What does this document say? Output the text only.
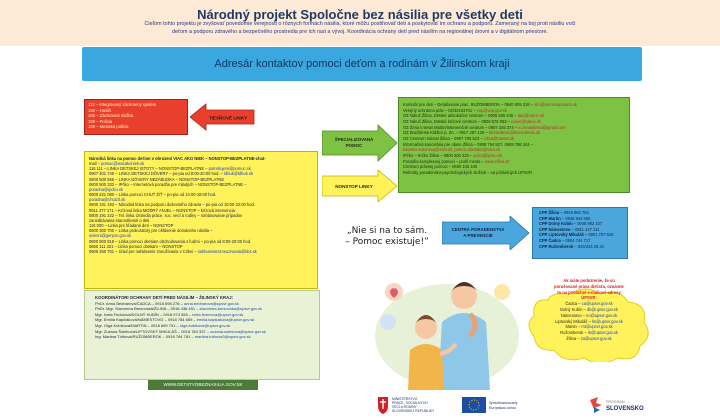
Národný projekt Spoločne bez násilia pre všetky deti
Cieľom tohto projektu je zvyšovať povedomie verejnosti o rôznych formách násilia, ktoré môžu postihovať deti a poskytovať im ochranu a podporu. Zameraný na boj proti násiliu voči
deťom a podporu zdravého a bezpečného prostredia pre ich rast a vývoj. Koordinácia ochrany detí pred násilím na regionálnej úrovni a v digitálnom priestore.
Adresár kontaktov pomoci deťom a rodinám v Žilinskom kraji
112 – Integrovaný záchranný systém
150 – Hasiči
155 – Záchranná služba
158 – Polícia
159 – Mestská polícia
TIESŇOVÉ LINKY
ŠPECIALIZOVANÁ POMOC
Komisár pre deti – Detašované prac. RUŽOMBEROK – 0940 609 318 – info@komisarpredeti.sk
Verejný ochranca práv – 02/32163701 – vop@vop.gov.sk
OZ Náruč Žilina, Detské advokačné centrum – 0905 555 445 – dac@naruc.sk
OZ Náruč Žilina, Detské krízové centrum – 0908 576 053 – naruc@naruc.sk
OZ Žena v tiesni Martin/Intervenčné centrum – 0907 346 374 – ic.zenavtiesni@gmail.com
OZ Brieždenie Kláštor p. Zn. – 0917 287 129 – brieszdenie@brieszdenie.sk
OZ Centrum Návrat Žilina – 0907 706 523 – zilina@navrat.sk
Informačná kancelária pre obete Žilina – 0908 794 827, 0908 798 244 –
katarina.kotorova@minv.sk; pomoc.obetiam@minv.sk
IPčko – Krčko Žilina – 0800 500 333 – ipcko@ipcko.sk
Poradňa komplexnej pomoci – profil mesta – www.zilina.sk
Centrum právnej pomoci – 0650 105 100
Referáty poradensko-psychologických služieb – na príslušných ÚPSVR
NONSTOP LINKY
Národná linka na pomoc deťom v ohrození VIAC AKO NIEK – NONSTOP-BEZPLATNE-chat-
mail – pomoc@viacakoniek.sk
116 111 – LINKA DETSKEJ ISTOTY – NONSTOP-BEZPLATNE – potrebujem@pomoc.sk
0907 401 749 – LINKA DETSKEJ DÔVERY – po-pia od 8:00-20:00 hod. – ldbuk@ldbuk.sk
0800 500 555 – LINKA DÔVERY NEZÁBUDKA – NONSTOP-BEZPLATNE
0800 500 333 – IPčko – Internetová poradňa pre mladých – NONSTOP-BEZPLATNE –
poradna@ipcko.sk
0800 221 080 – Linka pomoci CHUŤ ŽIŤ – po-pia od 14:00-18:00 hod.
poradna@chutzit.sk
0800 191 193 – Národná linka na podporu duševného zdravia – po-pia od 10:00-22:00 hod.
0911 477 171 – Krízová linka MODRÝ ANJEL – NONSTOP – krízová intervencia
0800 191 222 – Tel. linka Ústredia práce, soc. vecí a rodiny – nahlasovanie prípadov
zanedbávania starostlivosti o deti
116 000 – Linka pre hľadané deti – NONSTOP
0800 300 700 – Linka prokuratúry pre ohlásenie domáceho násilia –
sviesni@genpro.gov.sk
0800 800 818 – Linka pomoci obetiam obchodovania s ľuďmi – po-pia od 8:00-20:00 hod.
0850 111 321 – Linka pomoci obetiam – NONSTOP
0909 250 701 – Úrad pre nahlásenie zneužívania v Cirkvi – nahlasenieszneuzivania@kbs.sk
„Nie si na to sám.
– Pomoc existuje!”
CENTRÁ PORADENSTVA A PREVENCIE
CPP Žilina – 0948 982 784
CPP Martin – 0948 942 650
CPP Dolný Kubín – 0948 992 107
CPP Námestovo – 0911 127 111
CPP Liptovský Mikuláš – 0901 707 526
CPP Čadca – 0904 744 717
CPP Ružomberok – 044/434 26 34
Ak máte podozrenie, že sú
porušované práva dieťaťa, oznámte
to na príslušné e-mailové adresy
ÚPSVR:
Čadca – ca@upsvr.gov.sk
Dolný Kubín – dk@upsvr.gov.sk
Námestovo – no@upsvr.gov.sk
Liptovský Mikuláš – lm@upsvr.gov.sk
Martin – mt@upsvr.gov.sk
Ružomberok – rk@upsvr.gov.sk
Žilina – za@upsvr.gov.sk
KOORDINÁTORI OCHRANY DETÍ PRED NÁSILÍM – ŽILINSKÝ KRAJ:
PhDr. Anna Bednárová/ČADCA – 0918 698 278 – anna.bednarova@upsvr.gov.sk
PhDr. Mgr. Slavomíra Brezovská/ŽILINA – 0918 436 451 – slavomira.brezovska@upsvr.gov.sk
Mgr. Iveta Fedorová/DOLNÝ KUBÍN – 0918 973 555 – iveta.fedorova@upsvr.gov.sk
Mgr. Emília Kapičáková/NÁMESTOVO – 0918 784 669 – emilia.kapicakova@upsvr.gov.sk
Mgr. Olga Kubíková/MARTIN – 0918 699 791 – olga.kubikova@upsvr.gov.sk
Mgr. Zuzana Šoleková/LIPTOVSKÝ MIKULÁŠ – 0918 784 337 – zuzana.solekova@upsvr.gov.sk
Ing. Martina Tóthová/RUŽOMBEROK – 0918 784 781 – martina.tothova3@upsvr.gov.sk
WWW.DETSTVOBEZNASILIA.GOV.SK
MINISTERSTVO
PRÁCE, SOCIÁLNYCH
VECÍ A RODINY
SLOVENSKEJ REPUBLIKY
Spolufinancovaný
Európskou úniou
PROGRAM
SLOVENSKO
